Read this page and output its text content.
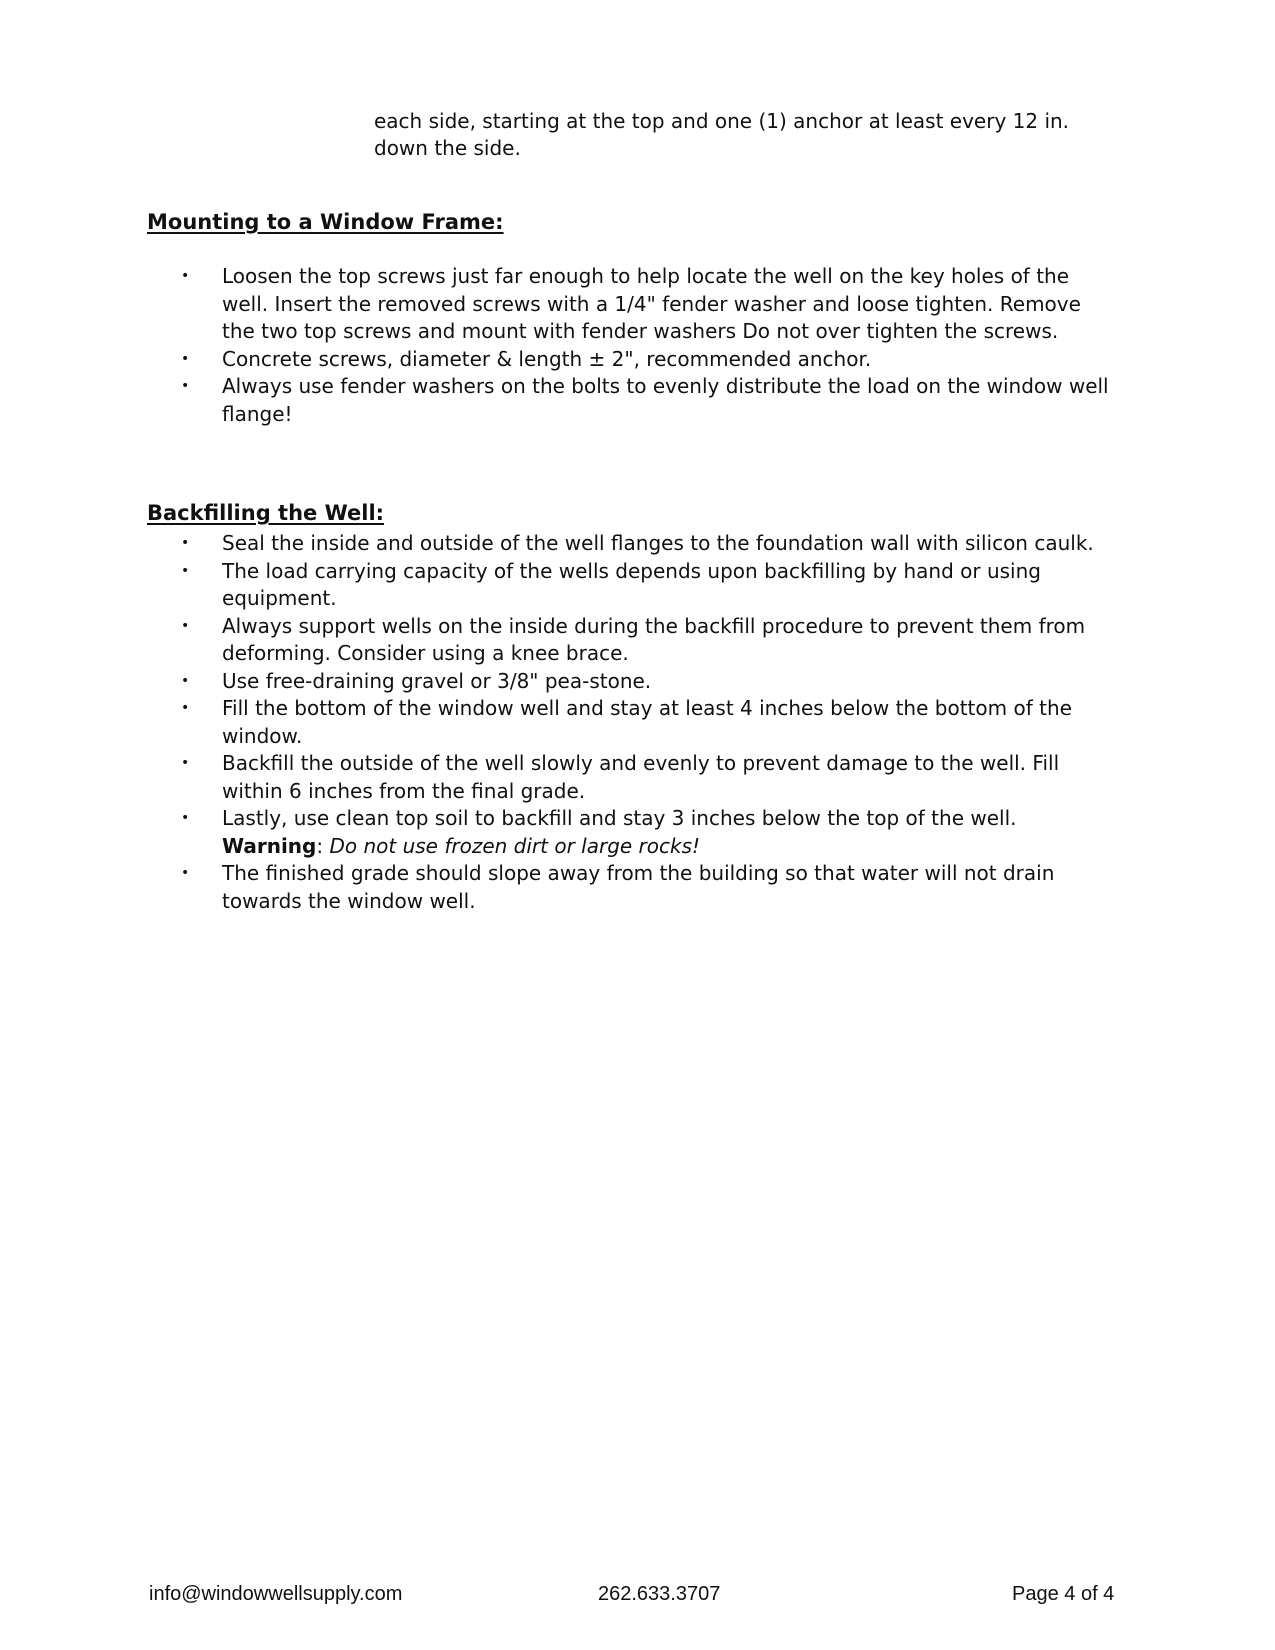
each side, starting at the top and one (1) anchor at least every 12 in. down the side.

Mounting to a Window Frame:
• Loosen the top screws just far enough to help locate the well on the key holes of the well. Insert the removed screws with a 1/4" fender washer and loose tighten. Remove the two top screws and mount with fender washers Do not over tighten the screws.
• Concrete screws, diameter & length ± 2", recommended anchor.
• Always use fender washers on the bolts to evenly distribute the load on the window well flange!
Backfilling the Well:
• Seal the inside and outside of the well flanges to the foundation wall with silicon caulk.
• The load carrying capacity of the wells depends upon backfilling by hand or using equipment.
• Always support wells on the inside during the backfill procedure to prevent them from deforming. Consider using a knee brace.
• Use free-draining gravel or 3/8" pea-stone.
• Fill the bottom of the window well and stay at least 4 inches below the bottom of the window.
• Backfill the outside of the well slowly and evenly to prevent damage to the well. Fill within 6 inches from the final grade.
• Lastly, use clean top soil to backfill and stay 3 inches below the top of the well.
Warning: Do not use frozen dirt or large rocks!
• The finished grade should slope away from the building so that water will not drain towards the window well.
info@windowwellsupply.com	262.633.3707	Page 4 of 4
